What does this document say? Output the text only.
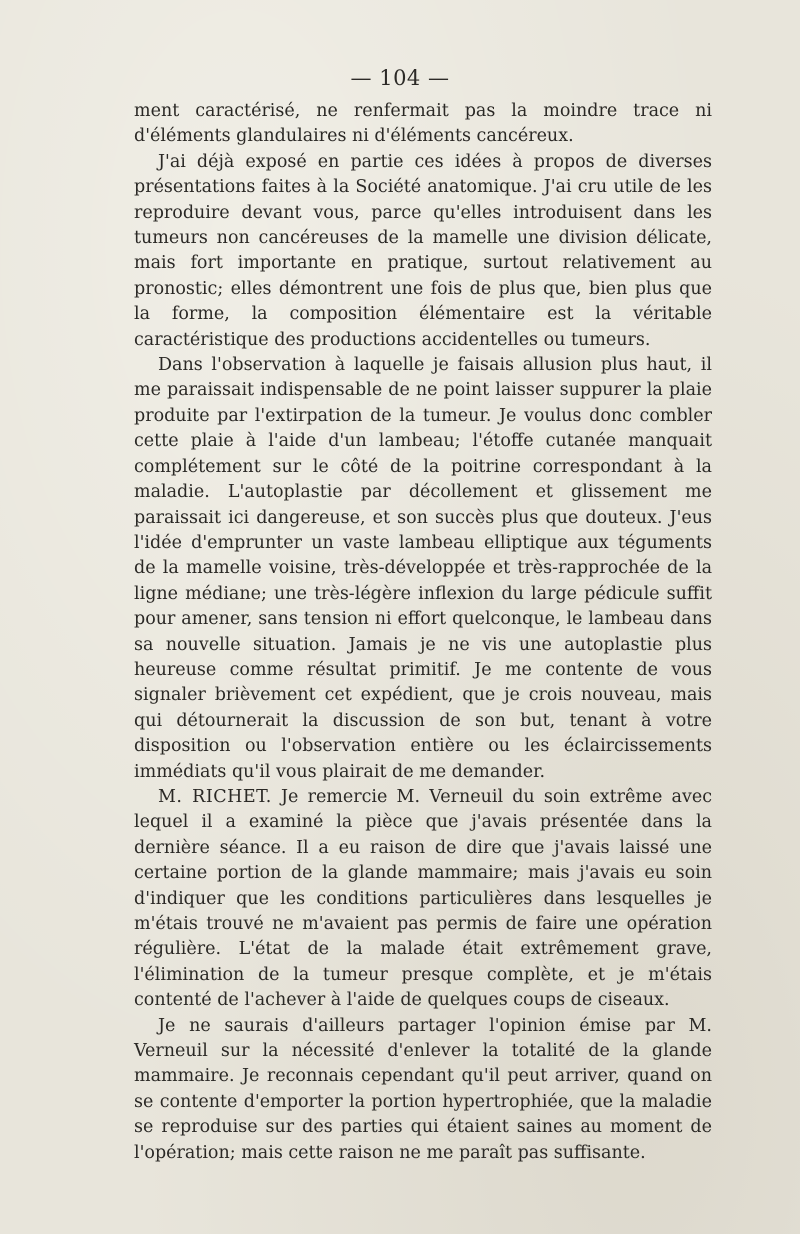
— 104 —

ment caractérisé, ne renfermait pas la moindre trace ni d'éléments glandulaires ni d'éléments cancéreux.

J'ai déjà exposé en partie ces idées à propos de diverses présentations faites à la Société anatomique. J'ai cru utile de les reproduire devant vous, parce qu'elles introduisent dans les tumeurs non cancéreuses de la mamelle une division délicate, mais fort importante en pratique, surtout relativement au pronostic; elles démontrent une fois de plus que, bien plus que la forme, la composition élémentaire est la véritable caractéristique des productions accidentelles ou tumeurs.

Dans l'observation à laquelle je faisais allusion plus haut, il me paraissait indispensable de ne point laisser suppurer la plaie produite par l'extirpation de la tumeur. Je voulus donc combler cette plaie à l'aide d'un lambeau; l'étoffe cutanée manquait complétement sur le côté de la poitrine correspondant à la maladie. L'autoplastie par décollement et glissement me paraissait ici dangereuse, et son succès plus que douteux. J'eus l'idée d'emprunter un vaste lambeau elliptique aux téguments de la mamelle voisine, très-développée et très-rapprochée de la ligne médiane; une très-légère inflexion du large pédicule suffit pour amener, sans tension ni effort quelconque, le lambeau dans sa nouvelle situation. Jamais je ne vis une autoplastie plus heureuse comme résultat primitif. Je me contente de vous signaler brièvement cet expédient, que je crois nouveau, mais qui détournerait la discussion de son but, tenant à votre disposition ou l'observation entière ou les éclaircissements immédiats qu'il vous plairait de me demander.

M. RICHET. Je remercie M. Verneuil du soin extrême avec lequel il a examiné la pièce que j'avais présentée dans la dernière séance. Il a eu raison de dire que j'avais laissé une certaine portion de la glande mammaire; mais j'avais eu soin d'indiquer que les conditions particulières dans lesquelles je m'étais trouvé ne m'avaient pas permis de faire une opération régulière. L'état de la malade était extrêmement grave, l'élimination de la tumeur presque complète, et je m'étais contenté de l'achever à l'aide de quelques coups de ciseaux.

Je ne saurais d'ailleurs partager l'opinion émise par M. Verneuil sur la nécessité d'enlever la totalité de la glande mammaire. Je reconnais cependant qu'il peut arriver, quand on se contente d'emporter la portion hypertrophiée, que la maladie se reproduise sur des parties qui étaient saines au moment de l'opération; mais cette raison ne me paraît pas suffisante.
